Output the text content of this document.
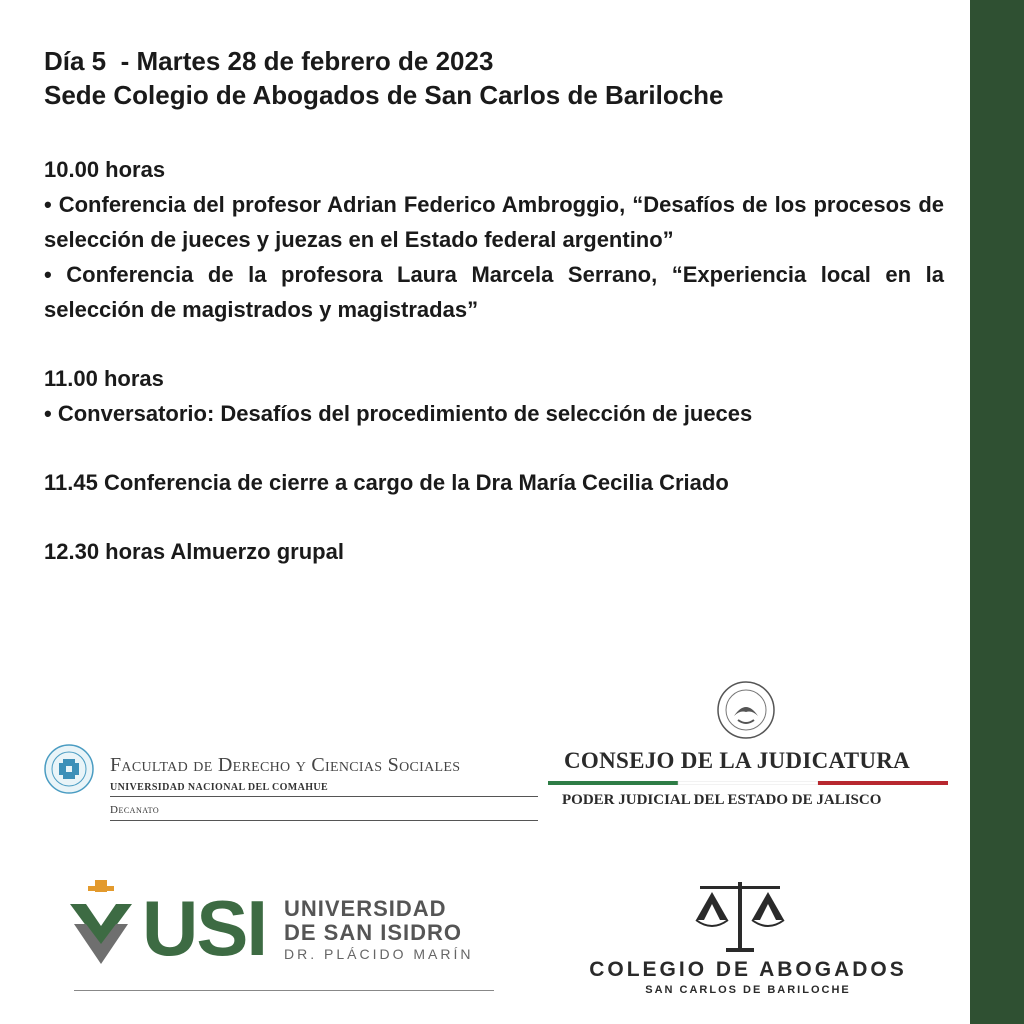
Día 5  - Martes 28 de febrero de 2023

Sede Colegio de Abogados de San Carlos de Bariloche

10.00 horas

• Conferencia del profesor Adrian Federico Ambroggio, “Desafíos de los procesos de selección de jueces y juezas en el Estado federal argentino”

• Conferencia de la profesora Laura Marcela Serrano, “Experiencia local en la selección de magistrados y magistradas”

11.00 horas

• Conversatorio: Desafíos del procedimiento de selección de jueces

11.45 Conferencia de cierre a cargo de la Dra María Cecilia Criado

12.30 horas Almuerzo grupal

Facultad de Derecho y Ciencias Sociales
UNIVERSIDAD NACIONAL DEL COMAHUE
Decanato
CONSEJO DE LA JUDICATURA
PODER JUDICIAL DEL ESTADO DE JALISCO
USI UNIVERSIDAD
DE SAN ISIDRO
DR. PLÁCIDO MARÍN
COLEGIO DE ABOGADOS
SAN CARLOS DE BARILOCHE
